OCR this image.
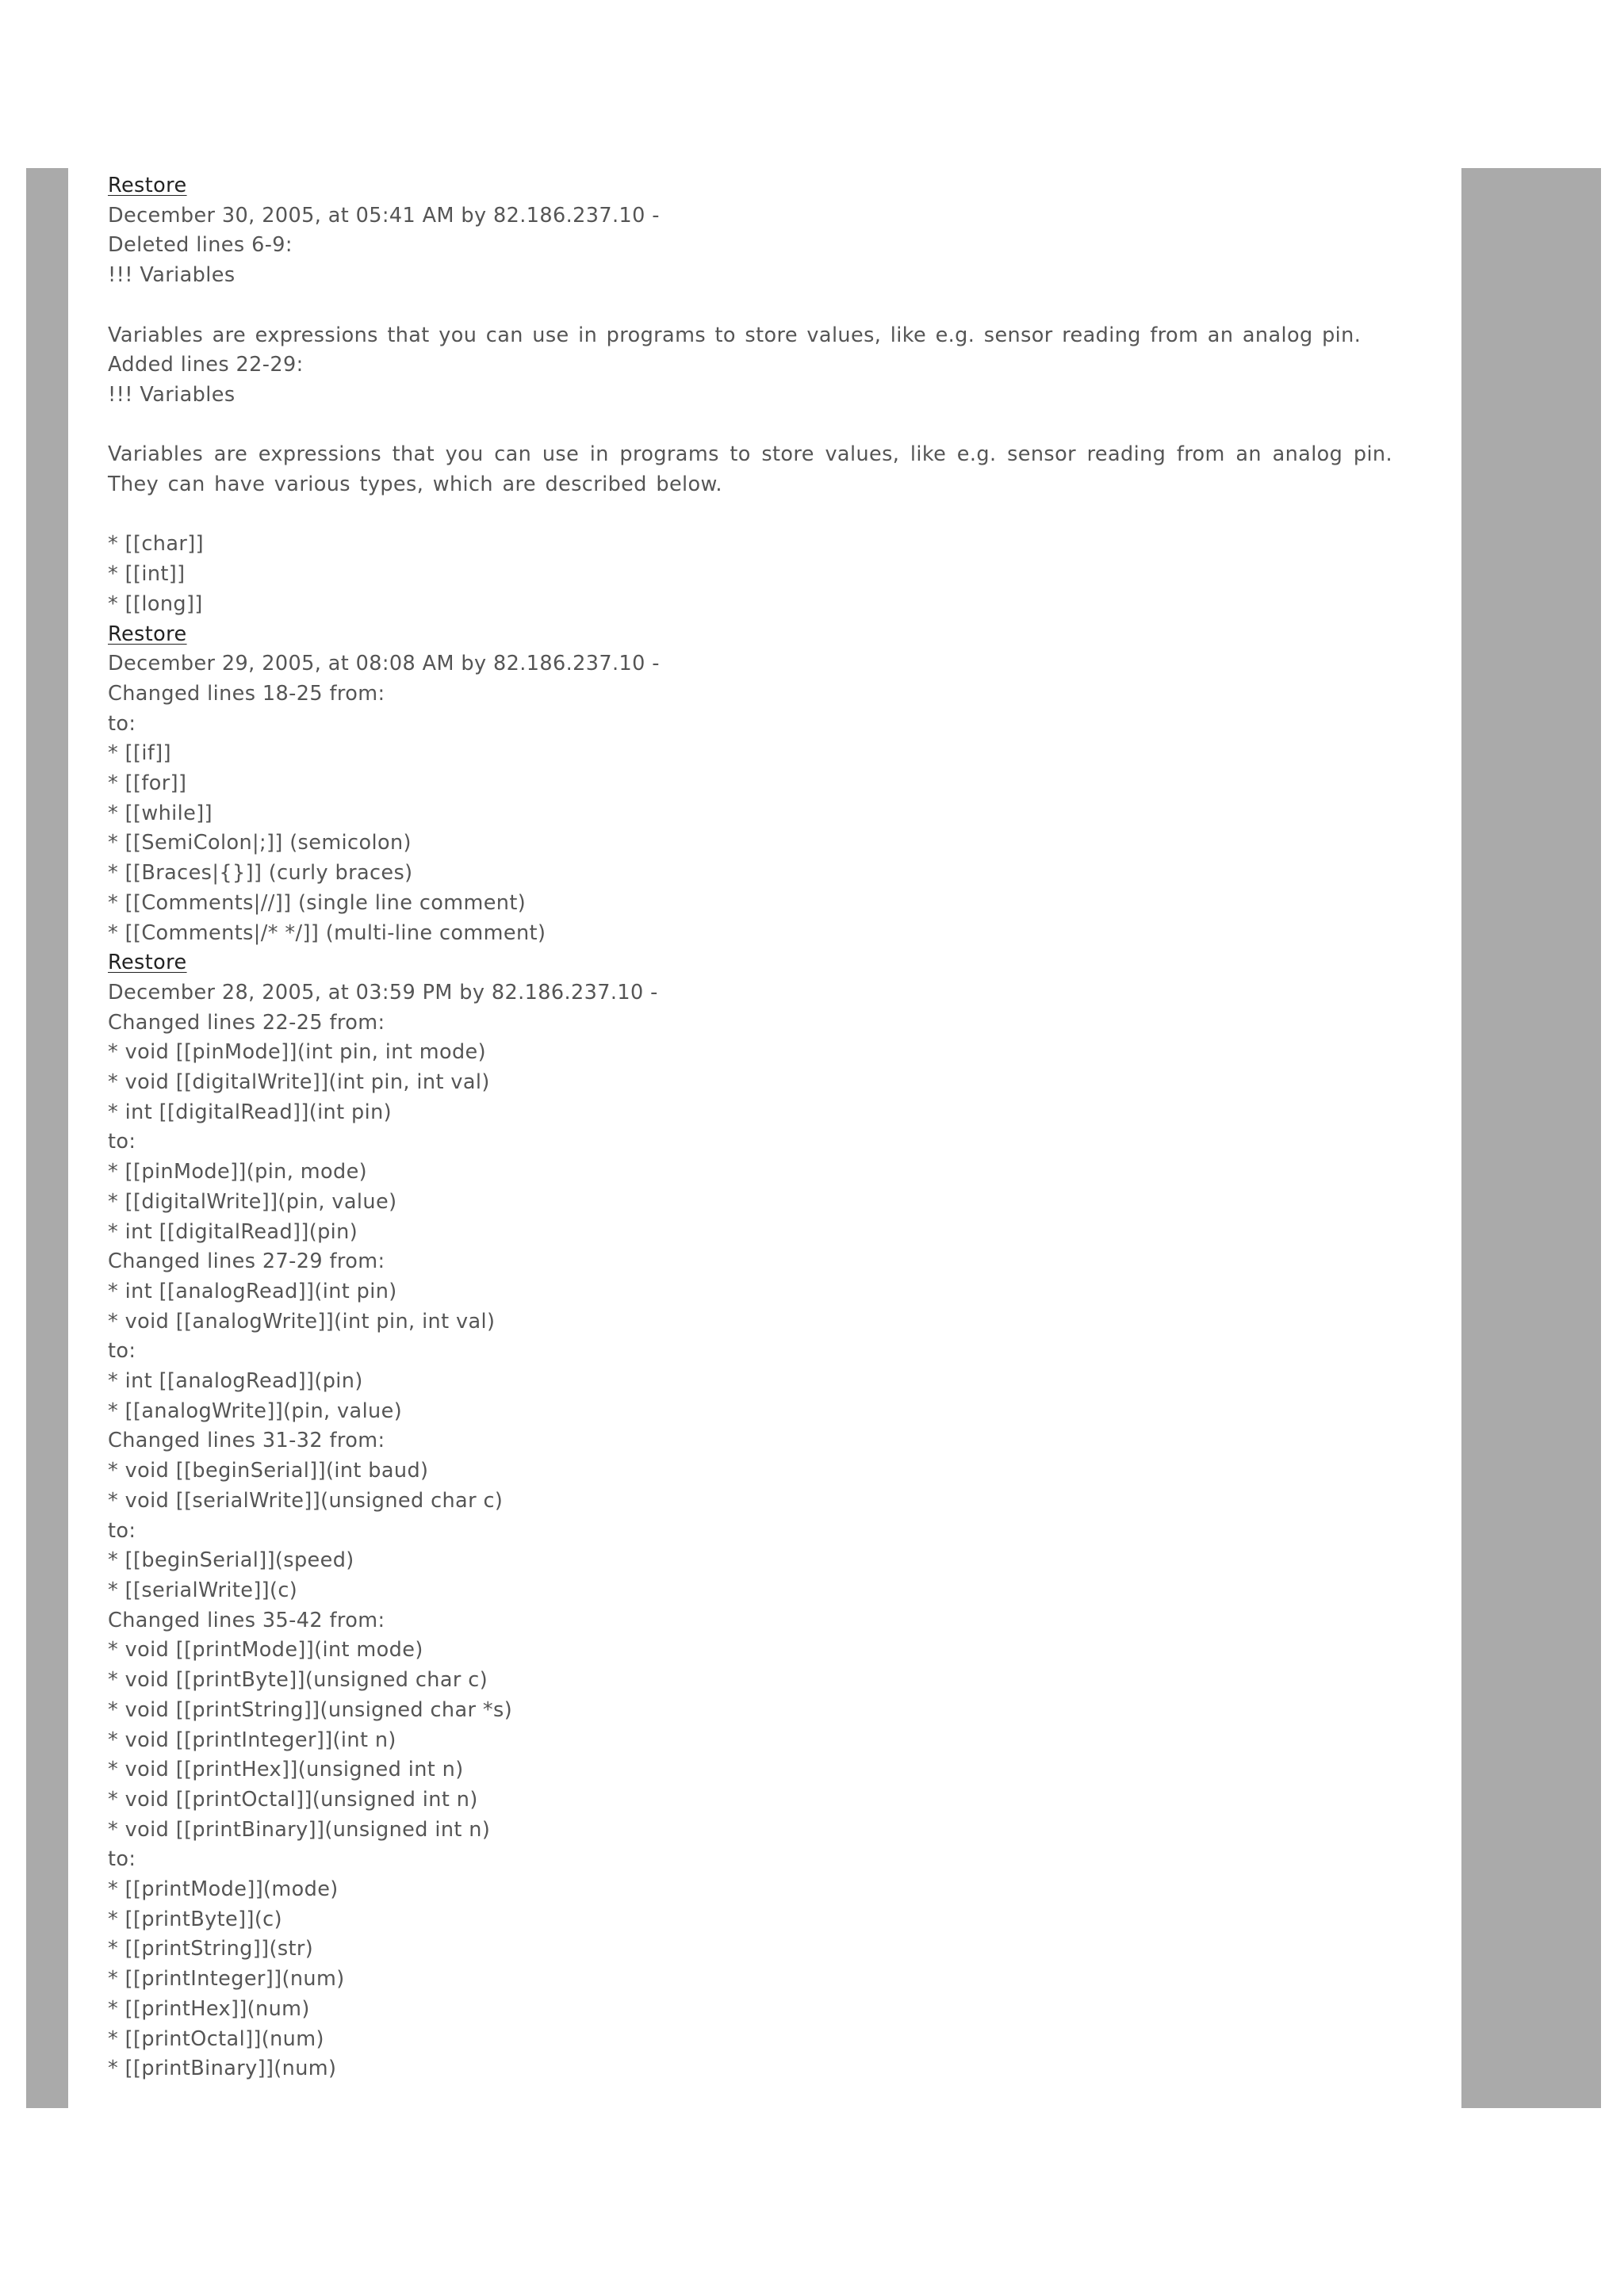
Restore
December 30, 2005, at 05:41 AM by 82.186.237.10 -
Deleted lines 6-9:
!!! Variables
Variables are expressions that you can use in programs to store values, like e.g. sensor reading from an analog pin.
Added lines 22-29:
!!! Variables
Variables are expressions that you can use in programs to store values, like e.g. sensor reading from an analog pin. They can have various types, which are described below.
* [[char]]
* [[int]]
* [[long]]
Restore
December 29, 2005, at 08:08 AM by 82.186.237.10 -
Changed lines 18-25 from:
to:
* [[if]]
* [[for]]
* [[while]]
* [[SemiColon|;]] (semicolon)
* [[Braces|{}]] (curly braces)
* [[Comments|//]] (single line comment)
* [[Comments|/* */]] (multi-line comment)
Restore
December 28, 2005, at 03:59 PM by 82.186.237.10 -
Changed lines 22-25 from:
* void [[pinMode]](int pin, int mode)
* void [[digitalWrite]](int pin, int val)
* int [[digitalRead]](int pin)
to:
* [[pinMode]](pin, mode)
* [[digitalWrite]](pin, value)
* int [[digitalRead]](pin)
Changed lines 27-29 from:
* int [[analogRead]](int pin)
* void [[analogWrite]](int pin, int val)
to:
* int [[analogRead]](pin)
* [[analogWrite]](pin, value)
Changed lines 31-32 from:
* void [[beginSerial]](int baud)
* void [[serialWrite]](unsigned char c)
to:
* [[beginSerial]](speed)
* [[serialWrite]](c)
Changed lines 35-42 from:
* void [[printMode]](int mode)
* void [[printByte]](unsigned char c)
* void [[printString]](unsigned char *s)
* void [[printInteger]](int n)
* void [[printHex]](unsigned int n)
* void [[printOctal]](unsigned int n)
* void [[printBinary]](unsigned int n)
to:
* [[printMode]](mode)
* [[printByte]](c)
* [[printString]](str)
* [[printInteger]](num)
* [[printHex]](num)
* [[printOctal]](num)
* [[printBinary]](num)
